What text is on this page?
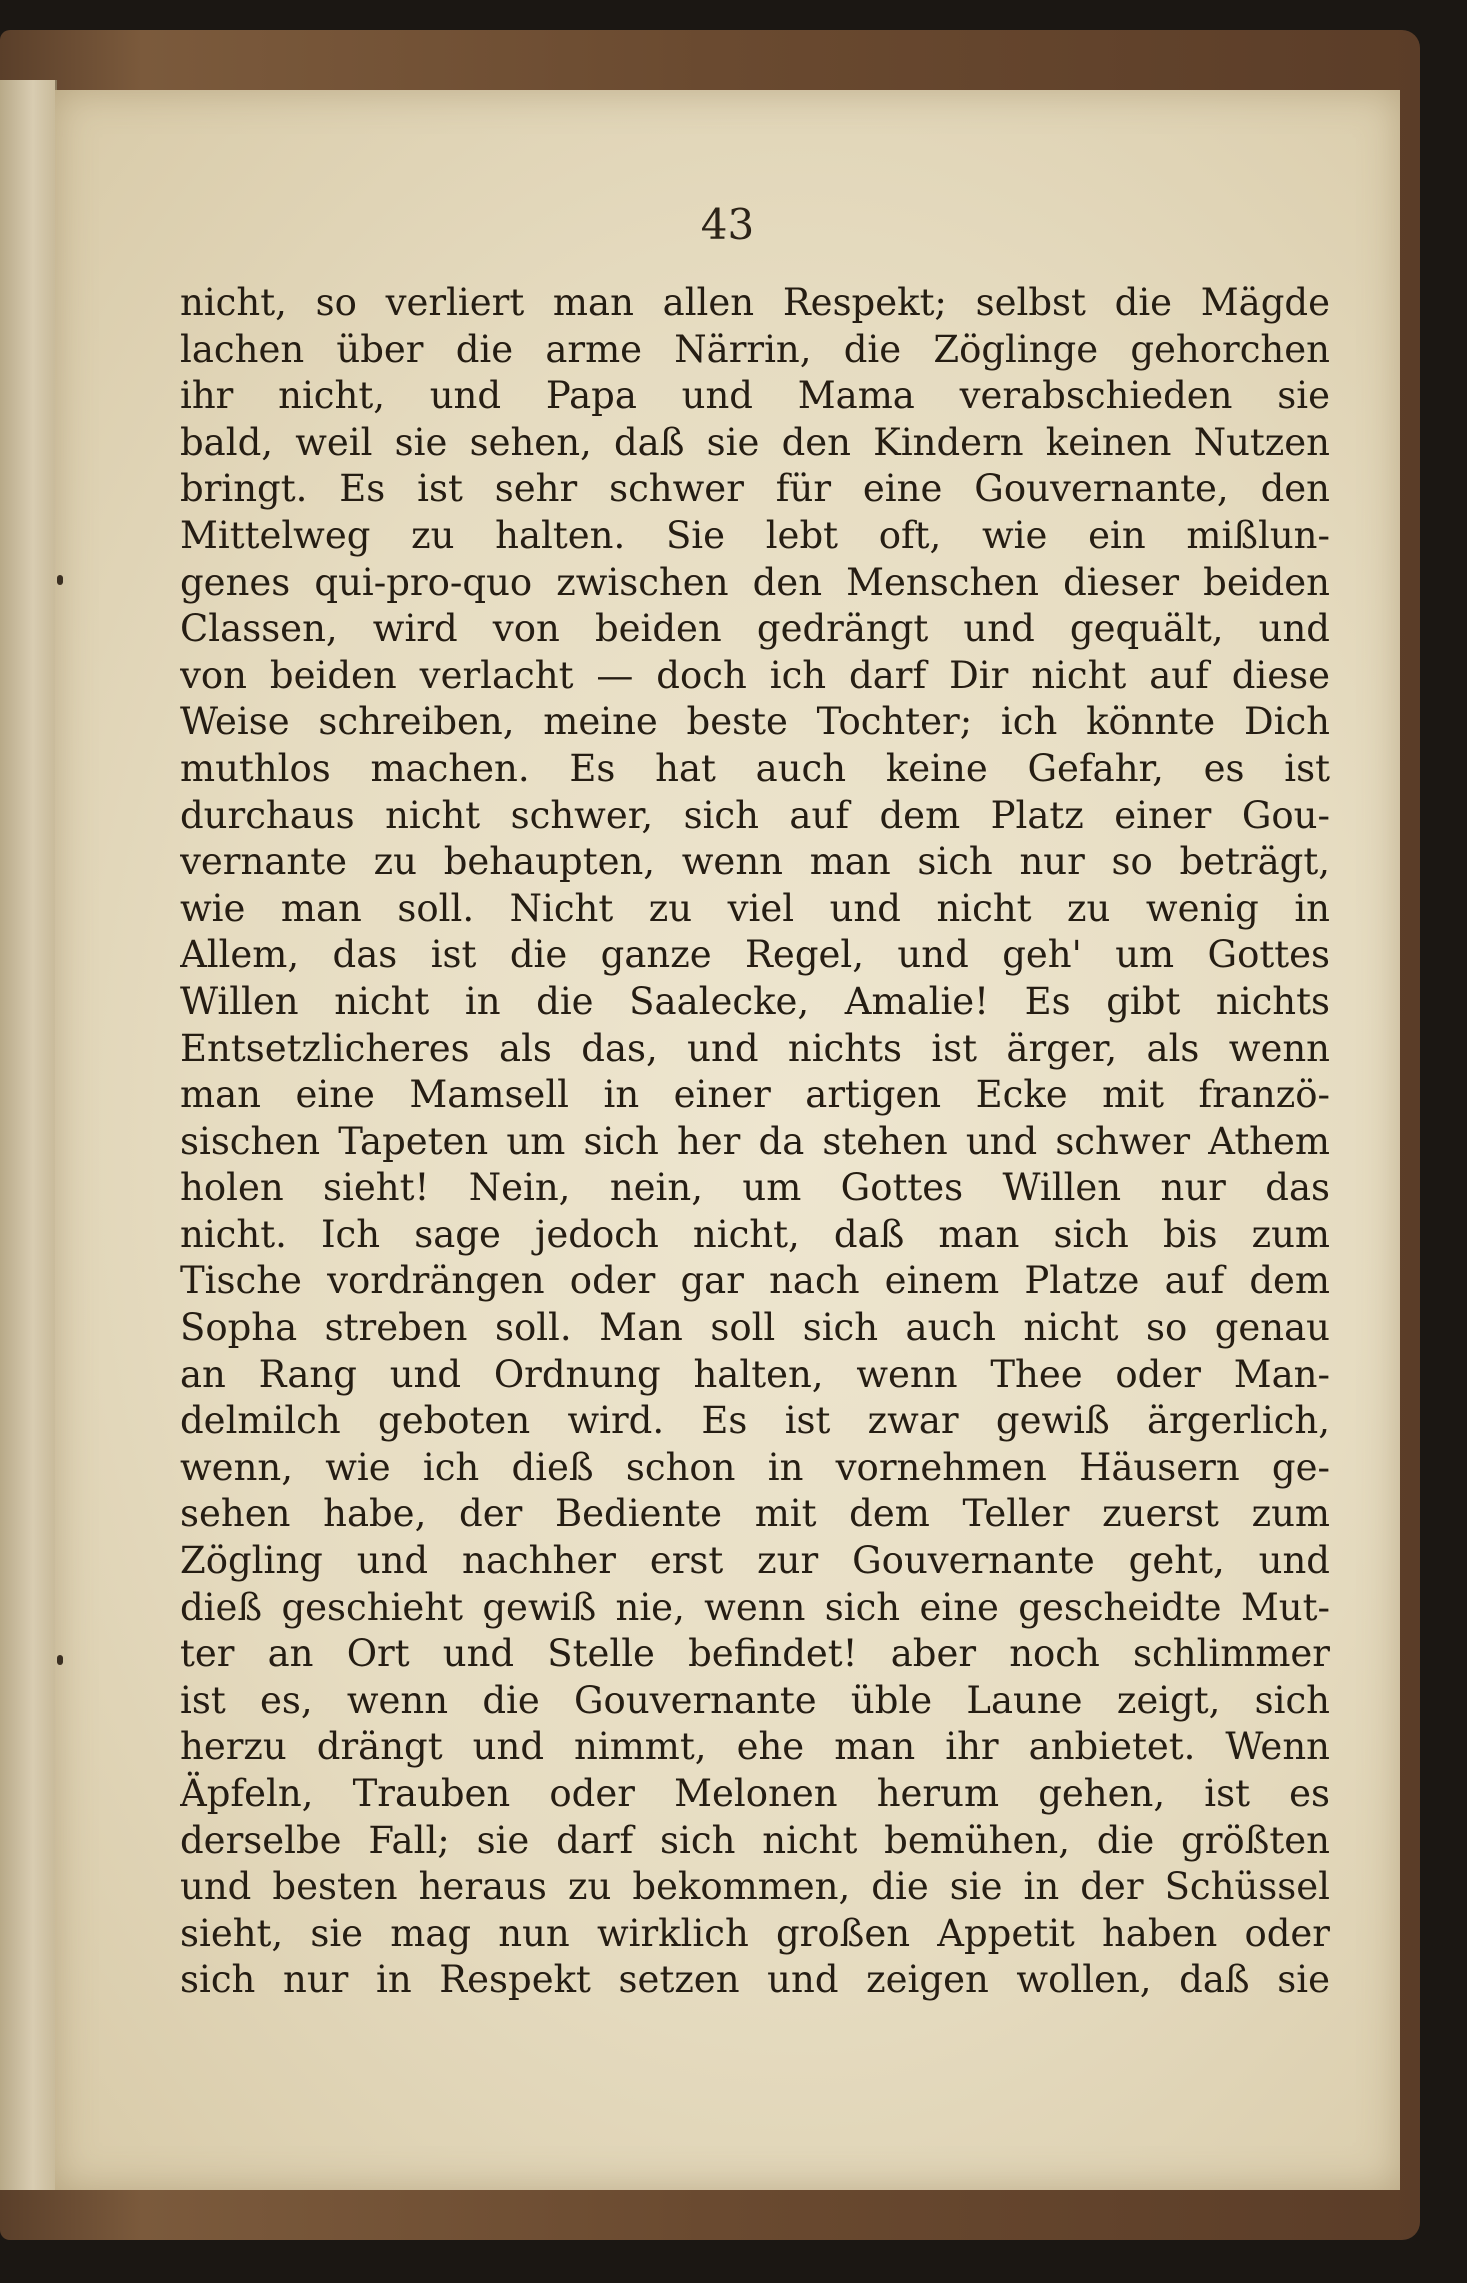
43
nicht, so verliert man allen Respekt; selbst die Mägde
lachen über die arme Närrin, die Zöglinge gehorchen
ihr nicht, und Papa und Mama verabschieden sie
bald, weil sie sehen, daß sie den Kindern keinen Nutzen
bringt. Es ist sehr schwer für eine Gouvernante, den
Mittelweg zu halten. Sie lebt oft, wie ein mißlun-
genes qui-pro-quo zwischen den Menschen dieser beiden
Classen, wird von beiden gedrängt und gequält, und
von beiden verlacht — doch ich darf Dir nicht auf diese
Weise schreiben, meine beste Tochter; ich könnte Dich
muthlos machen. Es hat auch keine Gefahr, es ist
durchaus nicht schwer, sich auf dem Platz einer Gou-
vernante zu behaupten, wenn man sich nur so beträgt,
wie man soll. Nicht zu viel und nicht zu wenig in
Allem, das ist die ganze Regel, und geh' um Gottes
Willen nicht in die Saalecke, Amalie! Es gibt nichts
Entsetzlicheres als das, und nichts ist ärger, als wenn
man eine Mamsell in einer artigen Ecke mit franzö-
sischen Tapeten um sich her da stehen und schwer Athem
holen sieht! Nein, nein, um Gottes Willen nur das
nicht. Ich sage jedoch nicht, daß man sich bis zum
Tische vordrängen oder gar nach einem Platze auf dem
Sopha streben soll. Man soll sich auch nicht so genau
an Rang und Ordnung halten, wenn Thee oder Man-
delmilch geboten wird. Es ist zwar gewiß ärgerlich,
wenn, wie ich dieß schon in vornehmen Häusern ge-
sehen habe, der Bediente mit dem Teller zuerst zum
Zögling und nachher erst zur Gouvernante geht, und
dieß geschieht gewiß nie, wenn sich eine gescheidte Mut-
ter an Ort und Stelle befindet! aber noch schlimmer
ist es, wenn die Gouvernante üble Laune zeigt, sich
herzu drängt und nimmt, ehe man ihr anbietet. Wenn
Äpfeln, Trauben oder Melonen herum gehen, ist es
derselbe Fall; sie darf sich nicht bemühen, die größten
und besten heraus zu bekommen, die sie in der Schüssel
sieht, sie mag nun wirklich großen Appetit haben oder
sich nur in Respekt setzen und zeigen wollen, daß sie
